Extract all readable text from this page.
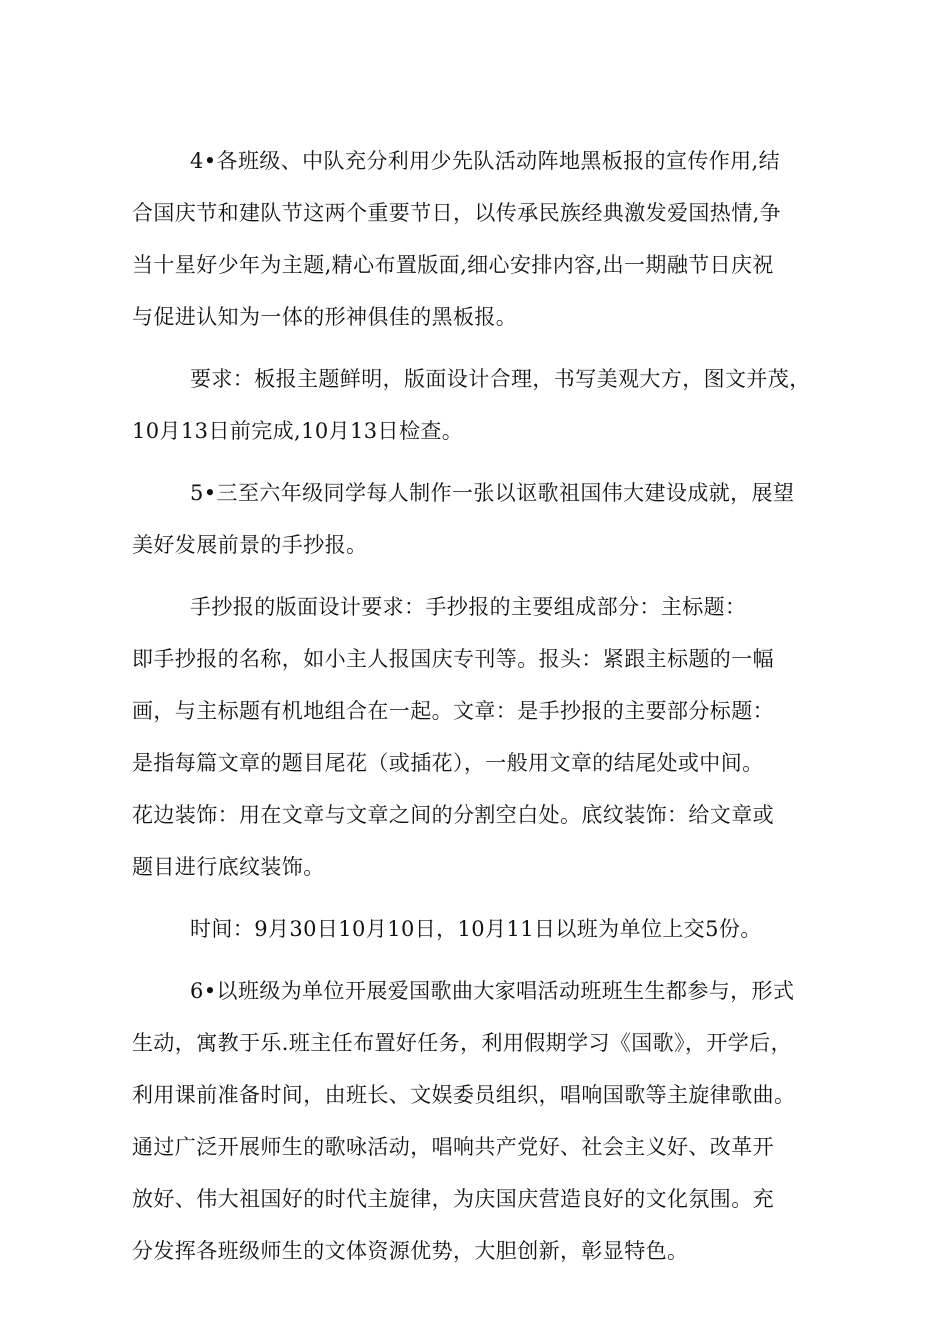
4•各班级、中队充分利用少先队活动阵地黑板报的宣传作用,结
合国庆节和建队节这两个重要节日，以传承民族经典激发爱国热情,争
当十星好少年为主题,精心布置版面,细心安排内容,出一期融节日庆祝
与促进认知为一体的形神俱佳的黑板报。
要求：板报主题鲜明，版面设计合理，书写美观大方，图文并茂，
10月13日前完成,10月13日检查。
5•三至六年级同学每人制作一张以讴歌祖国伟大建设成就，展望
美好发展前景的手抄报。
手抄报的版面设计要求：手抄报的主要组成部分：主标题：
即手抄报的名称，如小主人报国庆专刊等。报头：紧跟主标题的一幅
画，与主标题有机地组合在一起。文章：是手抄报的主要部分标题：
是指每篇文章的题目尾花（或插花），一般用文章的结尾处或中间。
花边装饰：用在文章与文章之间的分割空白处。底纹装饰：给文章或
题目进行底纹装饰。
时间：9月30日10月10日，10月11日以班为单位上交5份。
6•以班级为单位开展爱国歌曲大家唱活动班班生生都参与，形式
生动，寓教于乐.班主任布置好任务，利用假期学习《国歌》，开学后，
利用课前准备时间，由班长、文娱委员组织，唱响国歌等主旋律歌曲。
通过广泛开展师生的歌咏活动，唱响共产党好、社会主义好、改革开
放好、伟大祖国好的时代主旋律，为庆国庆营造良好的文化氛围。充
分发挥各班级师生的文体资源优势，大胆创新，彰显特色。
